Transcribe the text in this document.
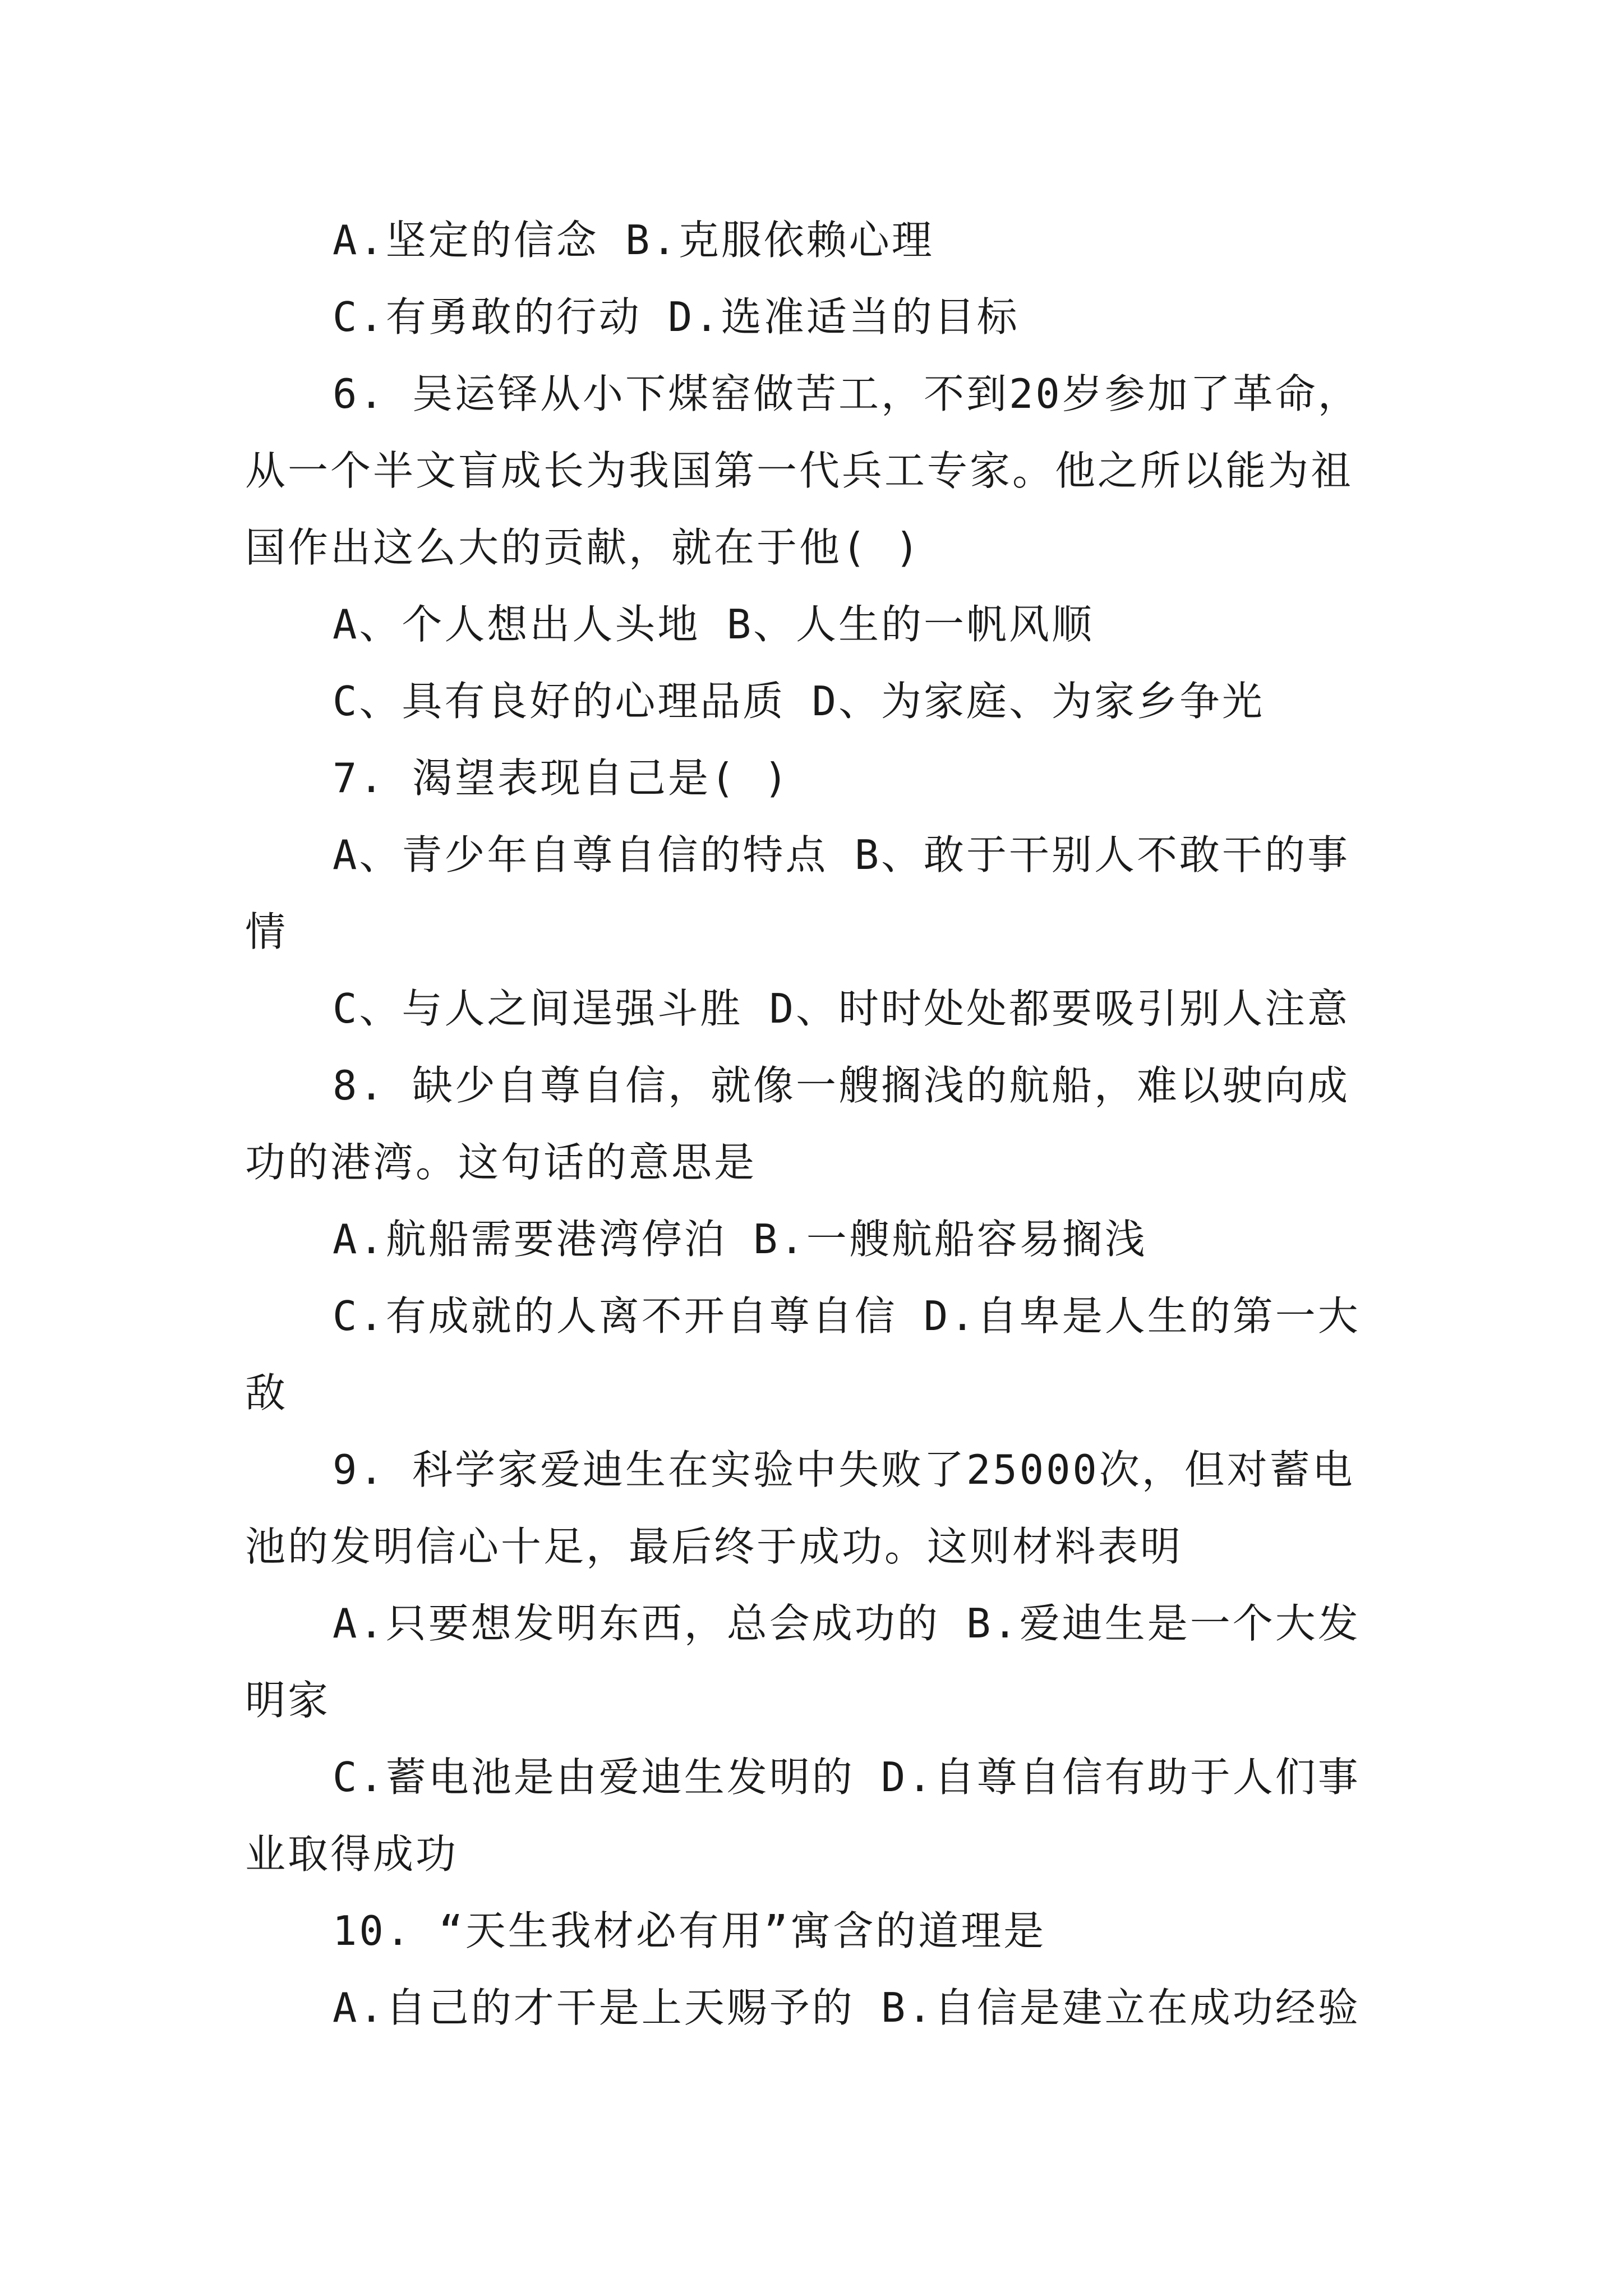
A.坚定的信念 B.克服依赖心理
C.有勇敢的行动 D.选准适当的目标
6. 吴运铎从小下煤窑做苦工，不到20岁参加了革命，
从一个半文盲成长为我国第一代兵工专家。他之所以能为祖
国作出这么大的贡献，就在于他( )
A、个人想出人头地 B、人生的一帆风顺
C、具有良好的心理品质 D、为家庭、为家乡争光
7. 渴望表现自己是( )
A、青少年自尊自信的特点 B、敢于干别人不敢干的事
情
C、与人之间逞强斗胜 D、时时处处都要吸引别人注意
8. 缺少自尊自信，就像一艘搁浅的航船，难以驶向成
功的港湾。这句话的意思是
A.航船需要港湾停泊 B.一艘航船容易搁浅
C.有成就的人离不开自尊自信 D.自卑是人生的第一大
敌
9. 科学家爱迪生在实验中失败了25000次，但对蓄电
池的发明信心十足，最后终于成功。这则材料表明
A.只要想发明东西，总会成功的 B.爱迪生是一个大发
明家
C.蓄电池是由爱迪生发明的 D.自尊自信有助于人们事
业取得成功
10. “天生我材必有用”寓含的道理是
A.自己的才干是上天赐予的 B.自信是建立在成功经验
